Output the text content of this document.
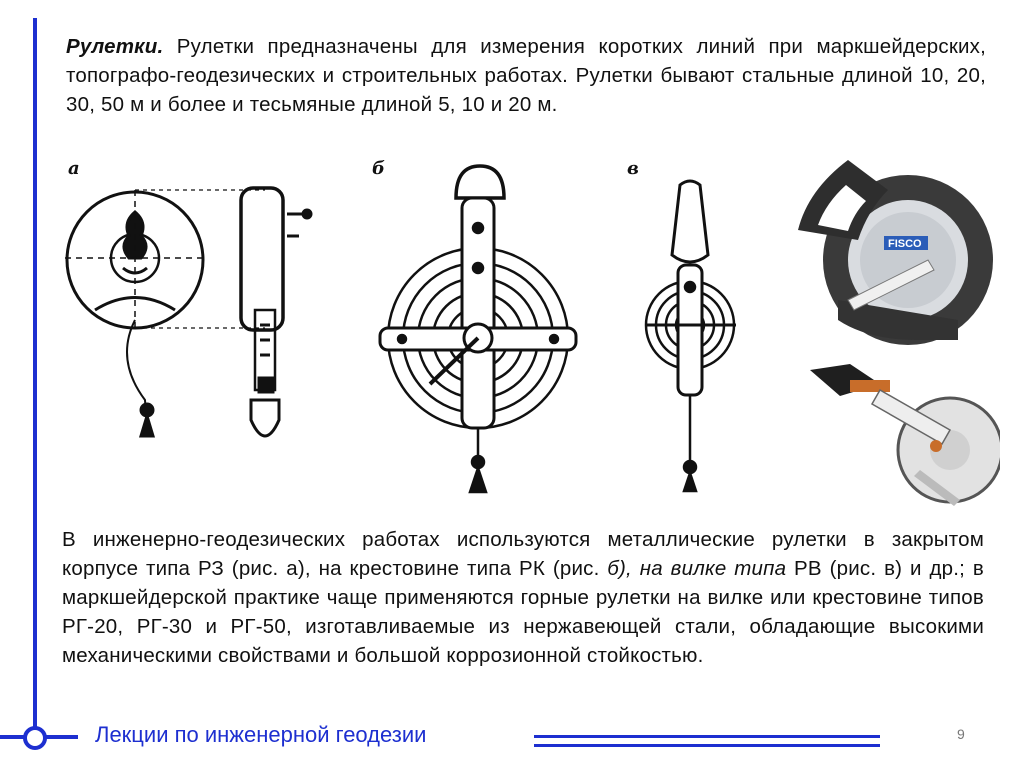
Рулетки. Рулетки предназначены для измерения коротких линий при маркшейдерских, топографо-геодезических и строительных работах. Рулетки бывают стальные длиной 10, 20, 30, 50 м и более и тесьмяные длиной 5, 10 и 20 м.
а	б	в
FISCO
В инженерно-геодезических работах используются металлические рулетки в закрытом корпусе типа РЗ (рис. а), на крестовине типа РК (рис. б), на вилке типа РВ (рис. в) и др.; в маркшейдерской практике чаще применяются горные рулетки на вилке или крестовине типов РГ-20, РГ-30 и РГ-50, изготавливаемые из нержавеющей стали, обладающие высокими механическими свойствами и большой коррозионной стойкостью.
Лекции по инженерной геодезии	9
